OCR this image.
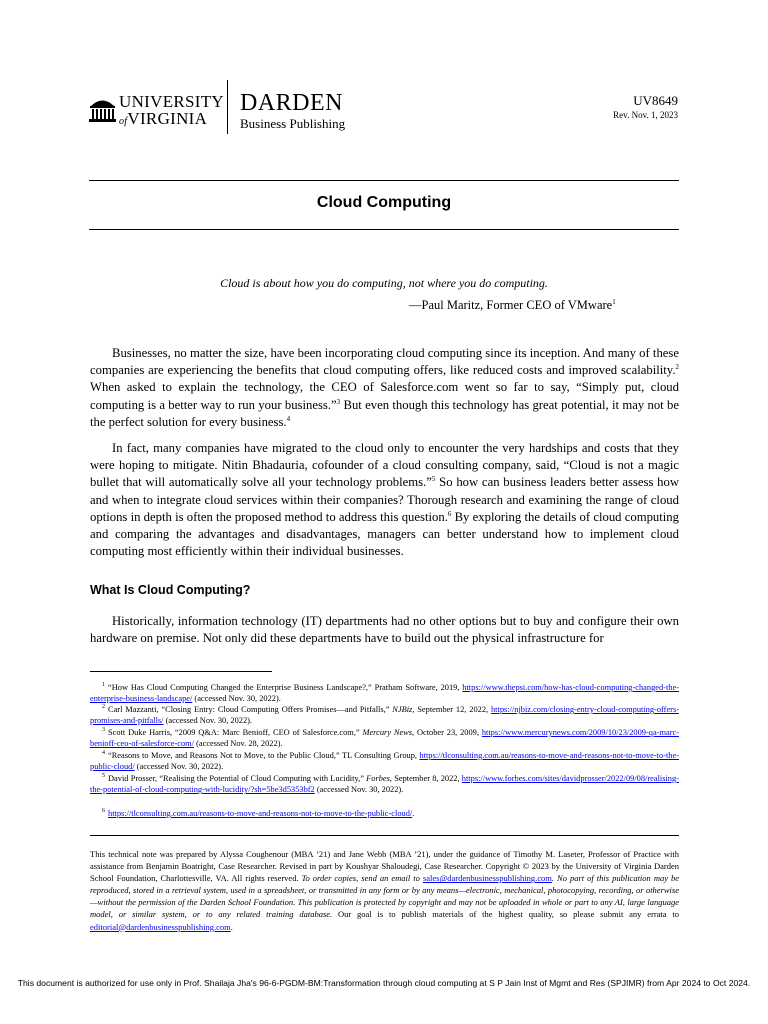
UNIVERSITY
ofVIRGINIA
DARDEN
Business Publishing
UV8649
Rev. Nov. 1, 2023
Cloud Computing
Cloud is about how you do computing, not where you do computing.
—Paul Maritz, Former CEO of VMware$^1$
Businesses, no matter the size, have been incorporating cloud computing since its inception. And many of these companies are experiencing the benefits that cloud computing offers, like reduced costs and improved scalability.$^2$ When asked to explain the technology, the CEO of Salesforce.com went so far to say, “Simply put, cloud computing is a better way to run your business.”$^3$ But even though this technology has great potential, it may not be the perfect solution for every business.$^4$
In fact, many companies have migrated to the cloud only to encounter the very hardships and costs that they were hoping to mitigate. Nitin Bhadauria, cofounder of a cloud consulting company, said, “Cloud is not a magic bullet that will automatically solve all your technology problems.”$^5$ So how can business leaders better assess how and when to integrate cloud services within their companies? Thorough research and examining the range of cloud options in depth is often the proposed method to address this question.$^6$ By exploring the details of cloud computing and comparing the advantages and disadvantages, managers can better understand how to implement cloud computing most efficiently within their individual businesses.
What Is Cloud Computing?
Historically, information technology (IT) departments had no other options but to buy and configure their own hardware on premise. Not only did these departments have to build out the physical infrastructure for
$^1$ “How Has Cloud Computing Changed the Enterprise Business Landscape?,” Pratham Software, 2019, https://www.thepsi.com/how-has-cloud-computing-changed-the-enterprise-business-landscape/ (accessed Nov. 30, 2022).
$^2$ Carl Mazzanti, “Closing Entry: Cloud Computing Offers Promises—and Pitfalls,” NJBiz, September 12, 2022, https://njbiz.com/closing-entry-cloud-computing-offers-promises-and-pitfalls/ (accessed Nov. 30, 2022).
$^3$ Scott Duke Harris, “2009 Q&A: Marc Benioff, CEO of Salesforce.com,” Mercury News, October 23, 2009, https://www.mercurynews.com/2009/10/23/2009-qa-marc-benioff-ceo-of-salesforce-com/ (accessed Nov. 28, 2022).
$^4$ “Reasons to Move, and Reasons Not to Move, to the Public Cloud,” TL Consulting Group, https://tlconsulting.com.au/reasons-to-move-and-reasons-not-to-move-to-the-public-cloud/ (accessed Nov. 30, 2022).
$^5$ David Prosser, “Realising the Potential of Cloud Computing with Lucidity,” Forbes, September 8, 2022, https://www.forbes.com/sites/davidprosser/2022/09/08/realising-the-potential-of-cloud-computing-with-lucidity/?sh=5be3d5353bf2 (accessed Nov. 30, 2022).
$^6$ https://tlconsulting.com.au/reasons-to-move-and-reasons-not-to-move-to-the-public-cloud/.
This technical note was prepared by Alyssa Coughenour (MBA ’21) and Jane Webb (MBA ’21), under the guidance of Timothy M. Laseter, Professor of Practice with assistance from Benjamin Boatright, Case Researcher. Revised in part by Koushyar Shaloudegi, Case Researcher. Copyright © 2023 by the University of Virginia Darden School Foundation, Charlottesville, VA. All rights reserved. To order copies, send an email to sales@dardenbusinesspublishing.com. No part of this publication may be reproduced, stored in a retrieval system, used in a spreadsheet, or transmitted in any form or by any means—electronic, mechanical, photocopying, recording, or otherwise—without the permission of the Darden School Foundation. This publication is protected by copyright and may not be uploaded in whole or part to any AI, large language model, or similar system, or to any related training database. Our goal is to publish materials of the highest quality, so please submit any errata to editorial@dardenbusinesspublishing.com.
This document is authorized for use only in Prof. Shailaja Jha's 96-6-PGDM-BM:Transformation through cloud computing at S P Jain Inst of Mgmt and Res (SPJIMR) from Apr 2024 to Oct 2024.
